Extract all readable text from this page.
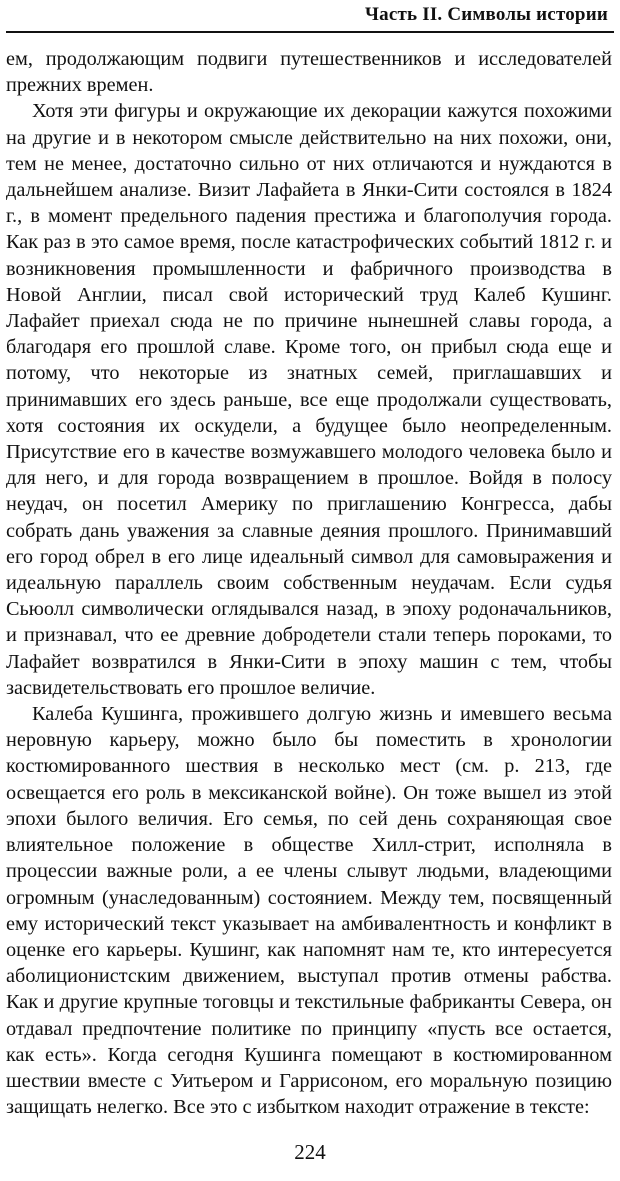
Часть II. Символы истории

ем, продолжающим подвиги путешественников и исследователей прежних времен.

Хотя эти фигуры и окружающие их декорации кажутся похожими на другие и в некотором смысле действительно на них похожи, они, тем не менее, достаточно сильно от них отличаются и нуждаются в дальнейшем анализе. Визит Лафайета в Янки-Сити состоялся в 1824 г., в момент предельного падения престижа и благополучия города. Как раз в это самое время, после катастрофических событий 1812 г. и возникновения промышленности и фабричного производства в Новой Англии, писал свой исторический труд Калеб Кушинг. Лафайет приехал сюда не по причине нынешней славы города, а благодаря его прошлой славе. Кроме того, он прибыл сюда еще и потому, что некоторые из знатных семей, приглашавших и принимавших его здесь раньше, все еще продолжали существовать, хотя состояния их оскудели, а будущее было неопределенным. Присутствие его в качестве возмужавшего молодого человека было и для него, и для города возвращением в прошлое. Войдя в полосу неудач, он посетил Америку по приглашению Конгресса, дабы собрать дань уважения за славные деяния прошлого. Принимавший его город обрел в его лице идеальный символ для самовыражения и идеальную параллель своим собственным неудачам. Если судья Сьюолл символически оглядывался назад, в эпоху родоначальников, и признавал, что ее древние добродетели стали теперь пороками, то Лафайет возвратился в Янки-Сити в эпоху машин с тем, чтобы засвидетельствовать его прошлое величие.

Калеба Кушинга, прожившего долгую жизнь и имевшего весьма неровную карьеру, можно было бы поместить в хронологии костюмированного шествия в несколько мест (см. р. 213, где освещается его роль в мексиканской войне). Он тоже вышел из этой эпохи былого величия. Его семья, по сей день сохраняющая свое влиятельное положение в обществе Хилл-стрит, исполняла в процессии важные роли, а ее члены слывут людьми, владеющими огромным (унаследованным) состоянием. Между тем, посвященный ему исторический текст указывает на амбивалентность и конфликт в оценке его карьеры. Кушинг, как напомнят нам те, кто интересуется аболиционистским движением, выступал против отмены рабства. Как и другие крупные тоговцы и текстильные фабриканты Севера, он отдавал предпочтение политике по принципу «пусть все остается, как есть». Когда сегодня Кушинга помещают в костюмированном шествии вместе с Уитьером и Гаррисоном, его моральную позицию защищать нелегко. Все это с избытком находит отражение в тексте:

224
